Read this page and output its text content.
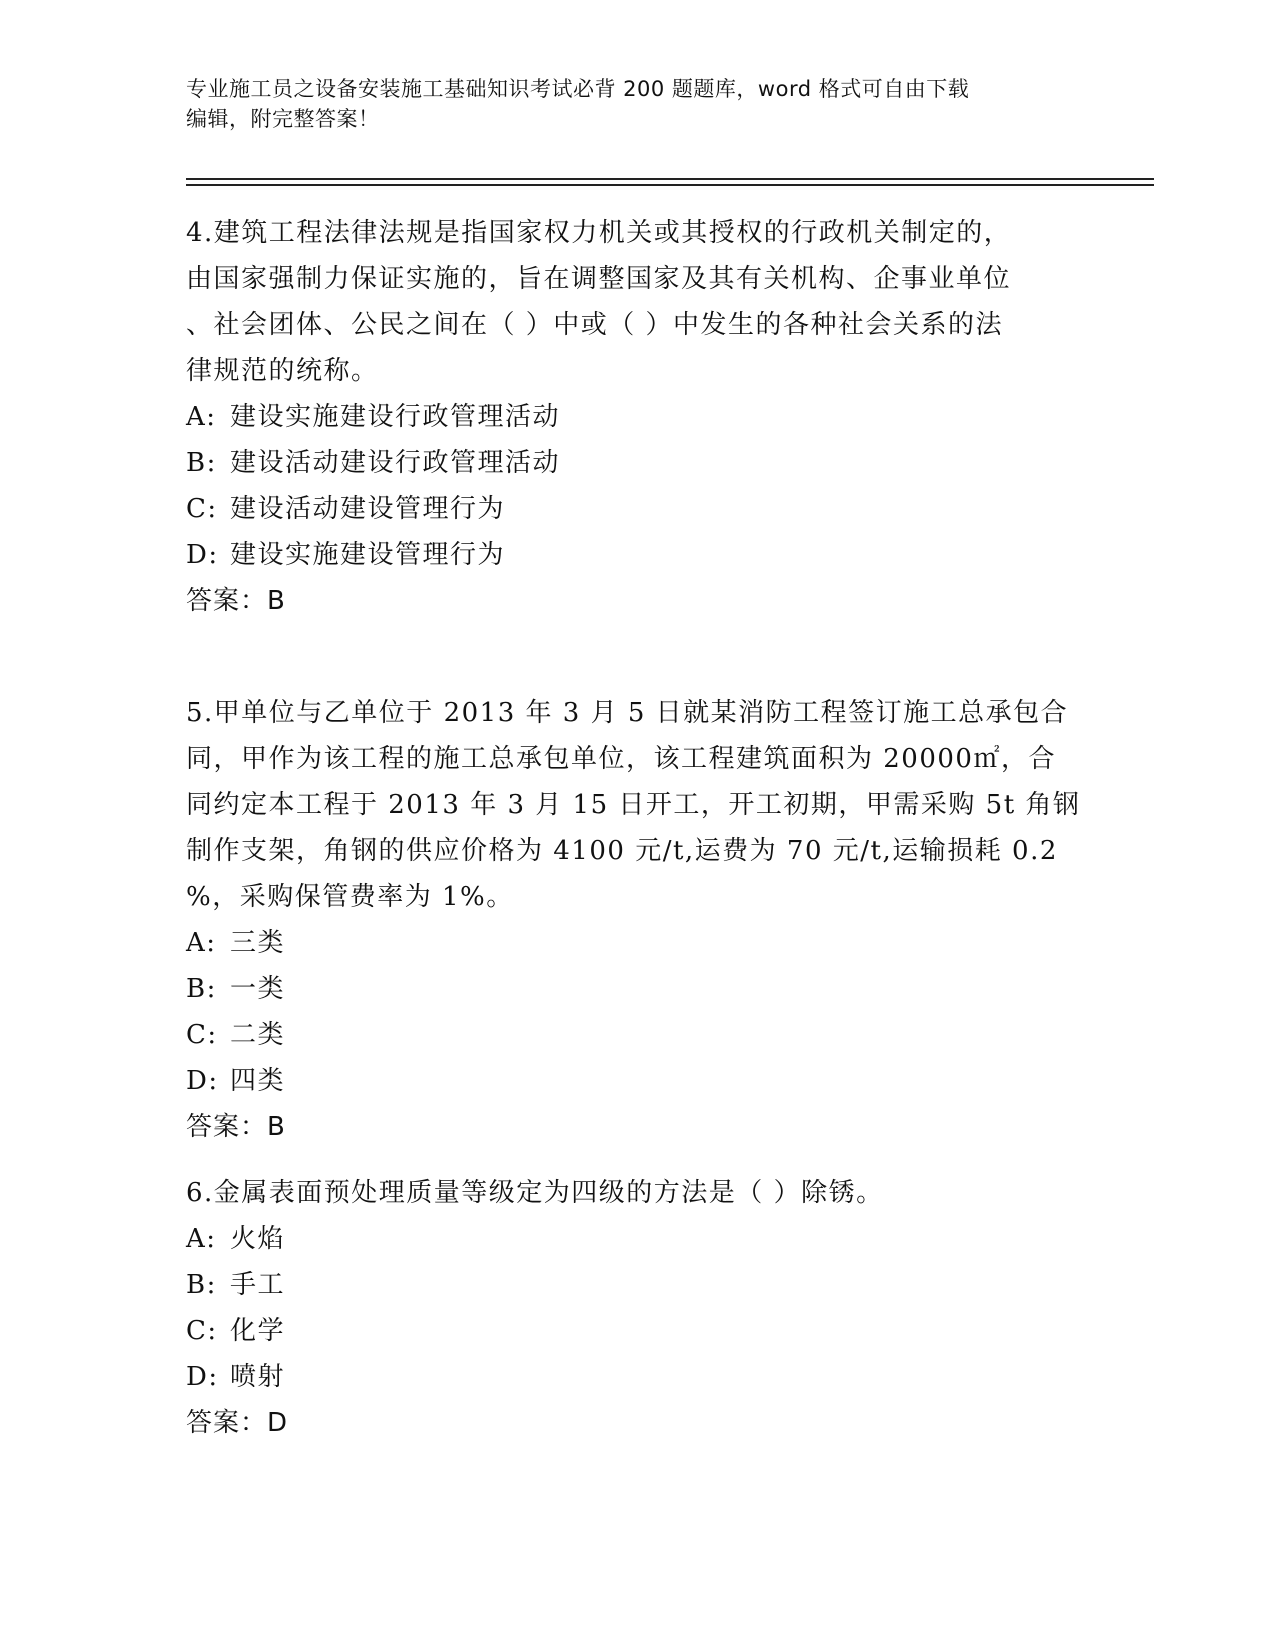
专业施工员之设备安装施工基础知识考试必背 200 题题库，word 格式可自由下载
编辑，附完整答案！
4.建筑工程法律法规是指国家权力机关或其授权的行政机关制定的，
由国家强制力保证实施的，旨在调整国家及其有关机构、企事业单位
、社会团体、公民之间在（ ）中或（ ）中发生的各种社会关系的法
律规范的统称。
A: 建设实施建设行政管理活动
B: 建设活动建设行政管理活动
C: 建设活动建设管理行为
D: 建设实施建设管理行为
答案：B
5.甲单位与乙单位于 2013 年 3 月 5 日就某消防工程签订施工总承包合
同，甲作为该工程的施工总承包单位，该工程建筑面积为 20000㎡，合
同约定本工程于 2013 年 3 月 15 日开工，开工初期，甲需采购 5t 角钢
制作支架，角钢的供应价格为 4100 元/t,运费为 70 元/t,运输损耗 0.2
%，采购保管费率为 1%。
A: 三类
B: 一类
C: 二类
D: 四类
答案：B
6.金属表面预处理质量等级定为四级的方法是（ ）除锈。
A: 火焰
B: 手工
C: 化学
D: 喷射
答案：D
